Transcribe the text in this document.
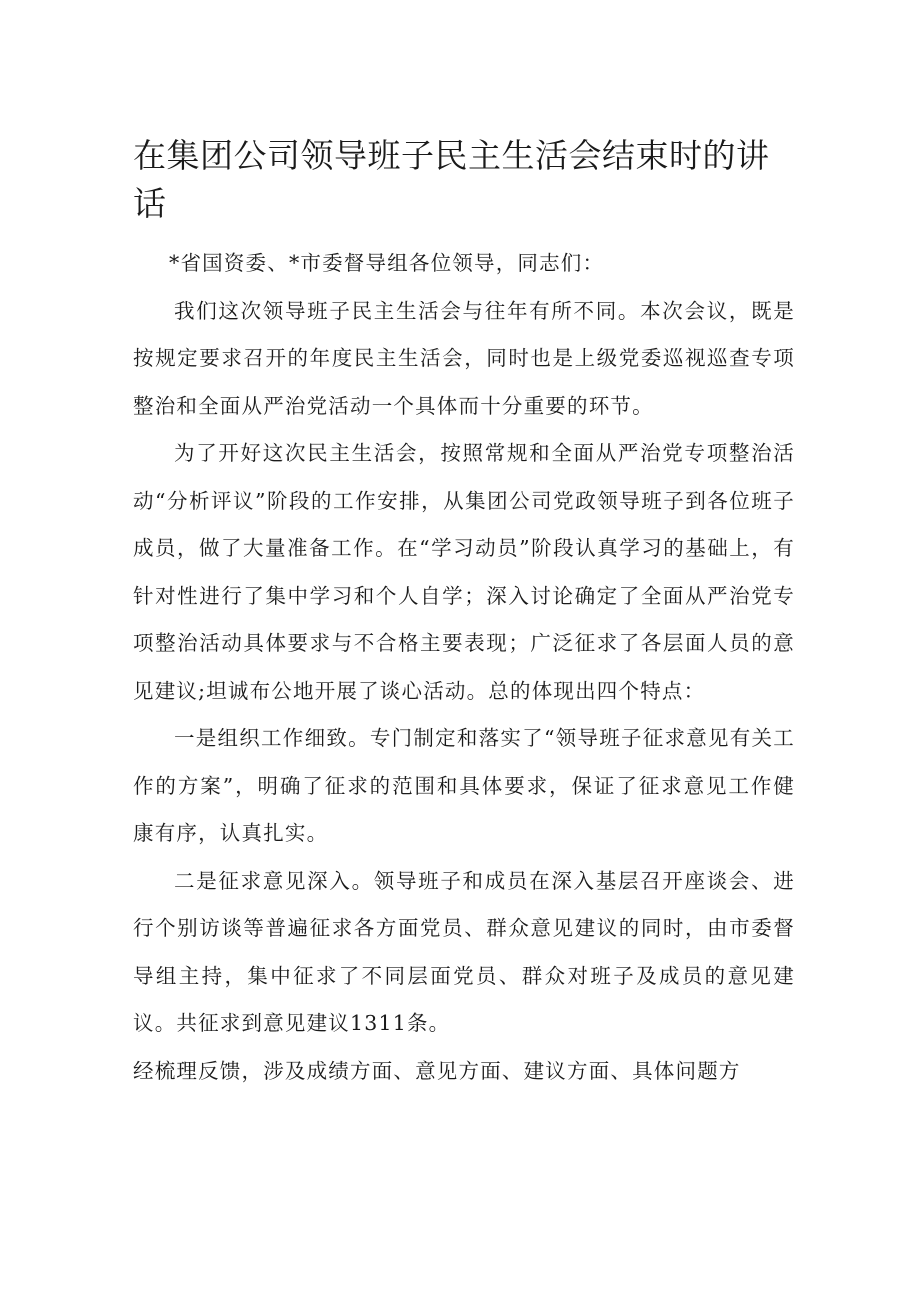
在集团公司领导班子民主生活会结束时的讲话

*省国资委、*市委督导组各位领导，同志们：

我们这次领导班子民主生活会与往年有所不同。本次会议，既是按规定要求召开的年度民主生活会，同时也是上级党委巡视巡查专项整治和全面从严治党活动一个具体而十分重要的环节。

为了开好这次民主生活会，按照常规和全面从严治党专项整治活动“分析评议”阶段的工作安排，从集团公司党政领导班子到各位班子成员，做了大量准备工作。在“学习动员”阶段认真学习的基础上，有针对性进行了集中学习和个人自学；深入讨论确定了全面从严治党专项整治活动具体要求与不合格主要表现；广泛征求了各层面人员的意见建议;坦诚布公地开展了谈心活动。总的体现出四个特点：

一是组织工作细致。专门制定和落实了“领导班子征求意见有关工作的方案”，明确了征求的范围和具体要求，保证了征求意见工作健康有序，认真扎实。

二是征求意见深入。领导班子和成员在深入基层召开座谈会、进行个别访谈等普遍征求各方面党员、群众意见建议的同时，由市委督导组主持，集中征求了不同层面党员、群众对班子及成员的意见建议。共征求到意见建议1311条。

经梳理反馈，涉及成绩方面、意见方面、建议方面、具体问题方
